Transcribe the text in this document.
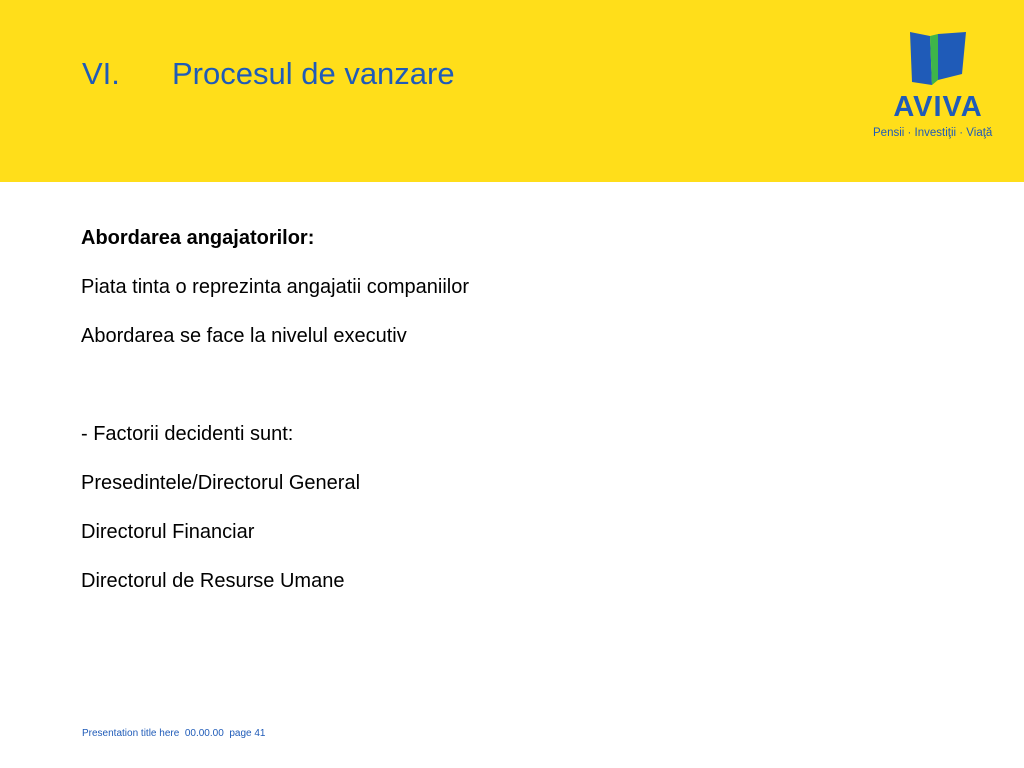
VI. Procesul de vanzare
AVIVA
Pensii · Investiţii · Viaţă
Abordarea angajatorilor:
Piata tinta o reprezinta angajatii companiilor
Abordarea se face la nivelul executiv
- Factorii decidenti sunt:
Presedintele/Directorul General
Directorul Financiar
Directorul de Resurse Umane
Presentation title here  00.00.00  page 41
